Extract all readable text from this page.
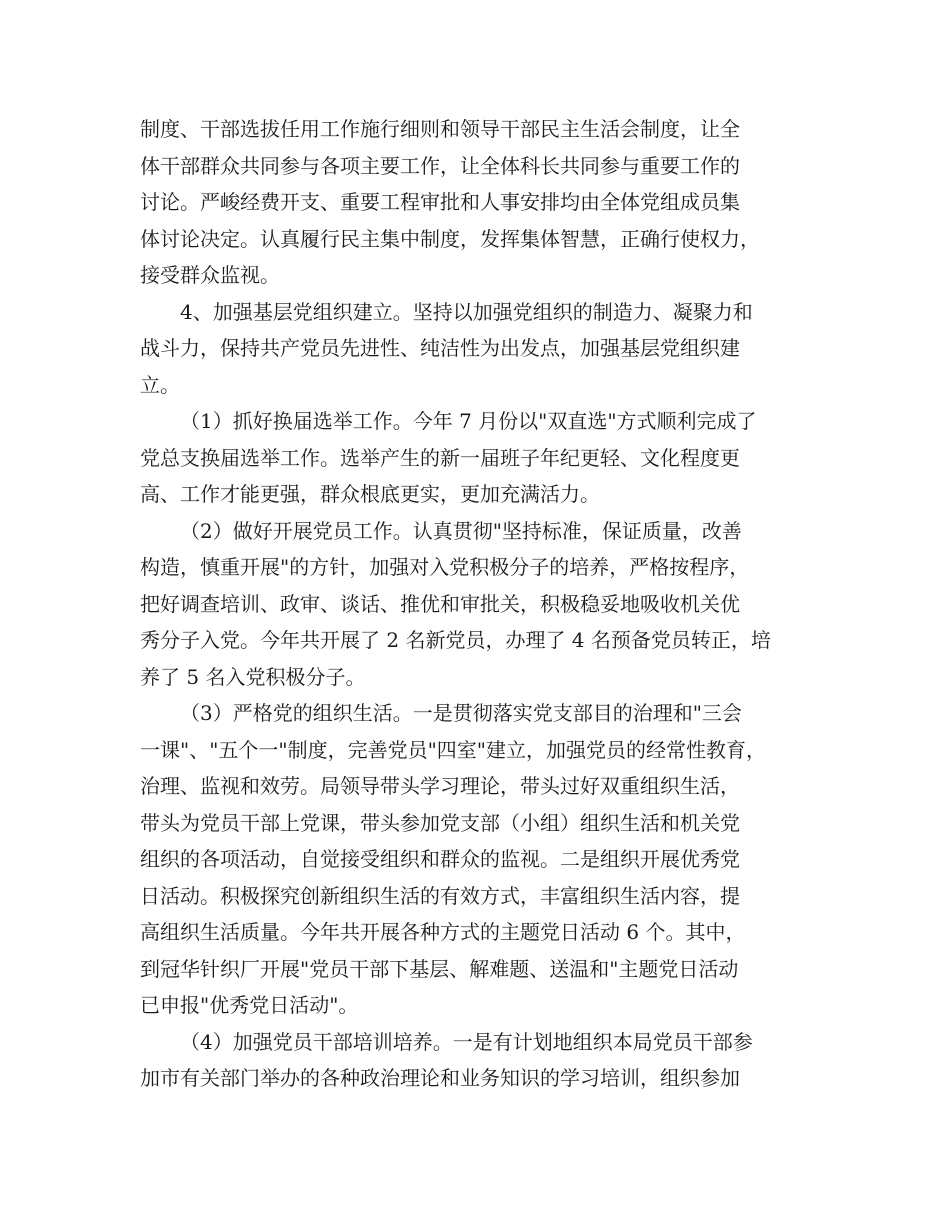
制度、干部选拔任用工作施行细则和领导干部民主生活会制度，让全
体干部群众共同参与各项主要工作，让全体科长共同参与重要工作的
讨论。严峻经费开支、重要工程审批和人事安排均由全体党组成员集
体讨论决定。认真履行民主集中制度，发挥集体智慧，正确行使权力，
接受群众监视。

4、加强基层党组织建立。坚持以加强党组织的制造力、凝聚力和
战斗力，保持共产党员先进性、纯洁性为出发点，加强基层党组织建
立。

（1）抓好换届选举工作。今年 7 月份以"双直选"方式顺利完成了
党总支换届选举工作。选举产生的新一届班子年纪更轻、文化程度更
高、工作才能更强，群众根底更实，更加充满活力。

（2）做好开展党员工作。认真贯彻"坚持标准，保证质量，改善
构造，慎重开展"的方针，加强对入党积极分子的培养，严格按程序，
把好调查培训、政审、谈话、推优和审批关，积极稳妥地吸收机关优
秀分子入党。今年共开展了 2 名新党员，办理了 4 名预备党员转正，培
养了 5 名入党积极分子。

（3）严格党的组织生活。一是贯彻落实党支部目的治理和"三会
一课"、"五个一"制度，完善党员"四室"建立，加强党员的经常性教育，
治理、监视和效劳。局领导带头学习理论，带头过好双重组织生活，
带头为党员干部上党课，带头参加党支部（小组）组织生活和机关党
组织的各项活动，自觉接受组织和群众的监视。二是组织开展优秀党
日活动。积极探究创新组织生活的有效方式，丰富组织生活内容，提
高组织生活质量。今年共开展各种方式的主题党日活动 6 个。其中，
到冠华针织厂开展"党员干部下基层、解难题、送温和"主题党日活动
已申报"优秀党日活动"。

（4）加强党员干部培训培养。一是有计划地组织本局党员干部参
加市有关部门举办的各种政治理论和业务知识的学习培训，组织参加
